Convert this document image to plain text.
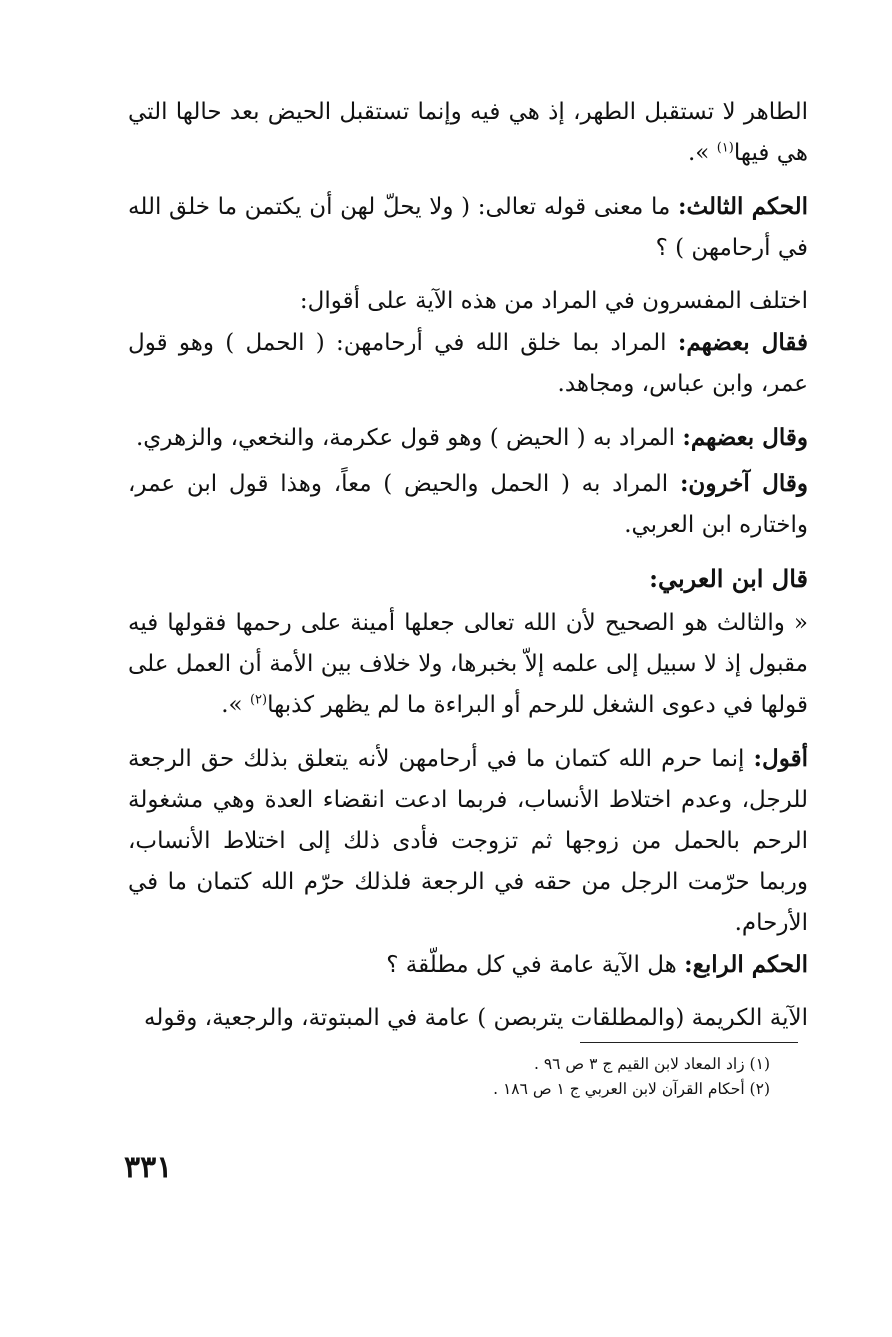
الطاهر لا تستقبل الطهر، إذ هي فيه وإنما تستقبل الحيض بعد حالها التي هي فيها$^{(١)}$ ».

الحكم الثالث: ما معنى قوله تعالى: ( ولا يحلّ لهن أن يكتمن ما خلق الله في أرحامهن ) ؟

اختلف المفسرون في المراد من هذه الآية على أقوال:

فقال بعضهم: المراد بما خلق الله في أرحامهن: ( الحمل ) وهو قول عمر، وابن عباس، ومجاهد.

وقال بعضهم: المراد به ( الحيض ) وهو قول عكرمة، والنخعي، والزهري.

وقال آخرون: المراد به ( الحمل والحيض ) معاً، وهذا قول ابن عمر، واختاره ابن العربي.

قال ابن العربي:

« والثالث هو الصحيح لأن الله تعالى جعلها أمينة على رحمها فقولها فيه مقبول إذ لا سبيل إلى علمه إلاّ بخبرها، ولا خلاف بين الأمة أن العمل على قولها في دعوى الشغل للرحم أو البراءة ما لم يظهر كذبها$^{(٢)}$ ».

أقول: إنما حرم الله كتمان ما في أرحامهن لأنه يتعلق بذلك حق الرجعة للرجل، وعدم اختلاط الأنساب، فربما ادعت انقضاء العدة وهي مشغولة الرحم بالحمل من زوجها ثم تزوجت فأدى ذلك إلى اختلاط الأنساب، وربما حرّمت الرجل من حقه في الرجعة فلذلك حرّم الله كتمان ما في الأرحام.

الحكم الرابع: هل الآية عامة في كل مطلّقة ؟

الآية الكريمة (والمطلقات يتربصن ) عامة في المبتوتة، والرجعية، وقوله

(١) زاد المعاد لابن القيم ج ٣ ص ٩٦ .

(٢) أحكام القرآن لابن العربي ج ١ ص ١٨٦ .

٣٣١
